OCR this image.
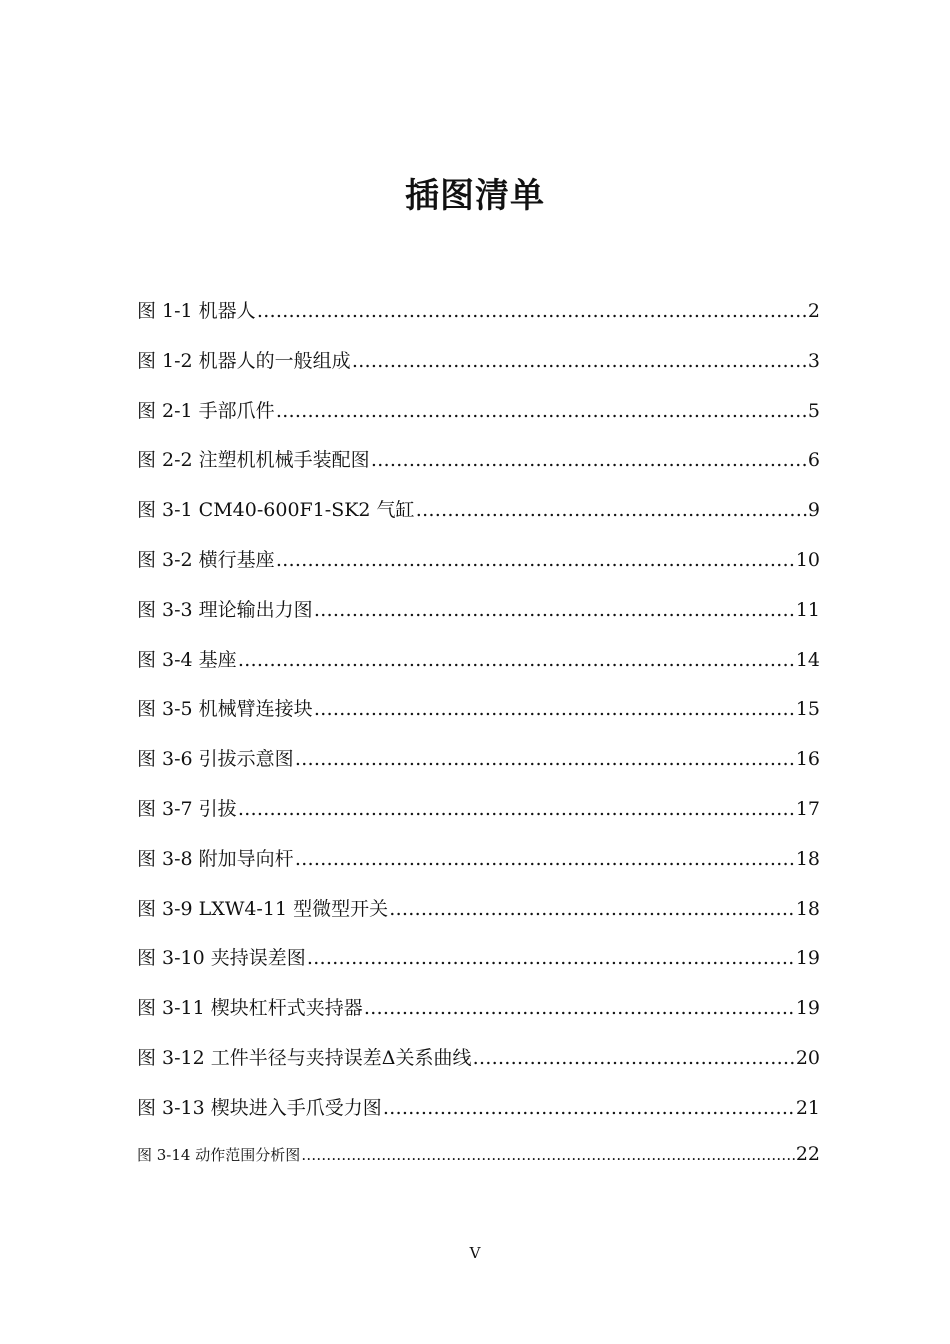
插图清单
图 1-1 机器人 ……………………………………………………………………………………………………………………………………………………………………	2
图 1-2 机器人的一般组成 ……………………………………………………………………………………………………………………………………………………………………	3
图 2-1 手部爪件 ……………………………………………………………………………………………………………………………………………………………………	5
图 2-2 注塑机机械手装配图 ……………………………………………………………………………………………………………………………………………………………………	6
图 3-1 CM40-600F1-SK2 气缸 ……………………………………………………………………………………………………………………………………………………………………	9
图 3-2 横行基座 ……………………………………………………………………………………………………………………………………………………………………	10
图 3-3 理论输出力图 ……………………………………………………………………………………………………………………………………………………………………	11
图 3-4 基座 ……………………………………………………………………………………………………………………………………………………………………	14
图 3-5 机械臂连接块 ……………………………………………………………………………………………………………………………………………………………………	15
图 3-6 引拔示意图 ……………………………………………………………………………………………………………………………………………………………………	16
图 3-7 引拔 ……………………………………………………………………………………………………………………………………………………………………	17
图 3-8 附加导向杆 ……………………………………………………………………………………………………………………………………………………………………	18
图 3-9 LXW4-11 型微型开关 ……………………………………………………………………………………………………………………………………………………………………	18
图 3-10 夹持误差图 ……………………………………………………………………………………………………………………………………………………………………	19
图 3-11 楔块杠杆式夹持器 ……………………………………………………………………………………………………………………………………………………………………	19
图 3-12 工件半径与夹持误差Δ关系曲线 ……………………………………………………………………………………………………………………………………………………………………	20
图 3-13 楔块进入手爪受力图 ……………………………………………………………………………………………………………………………………………………………………	21
图 3-14 动作范围分析图 ……………………………………………………………………………………………………………………………………………………………………	22
V
